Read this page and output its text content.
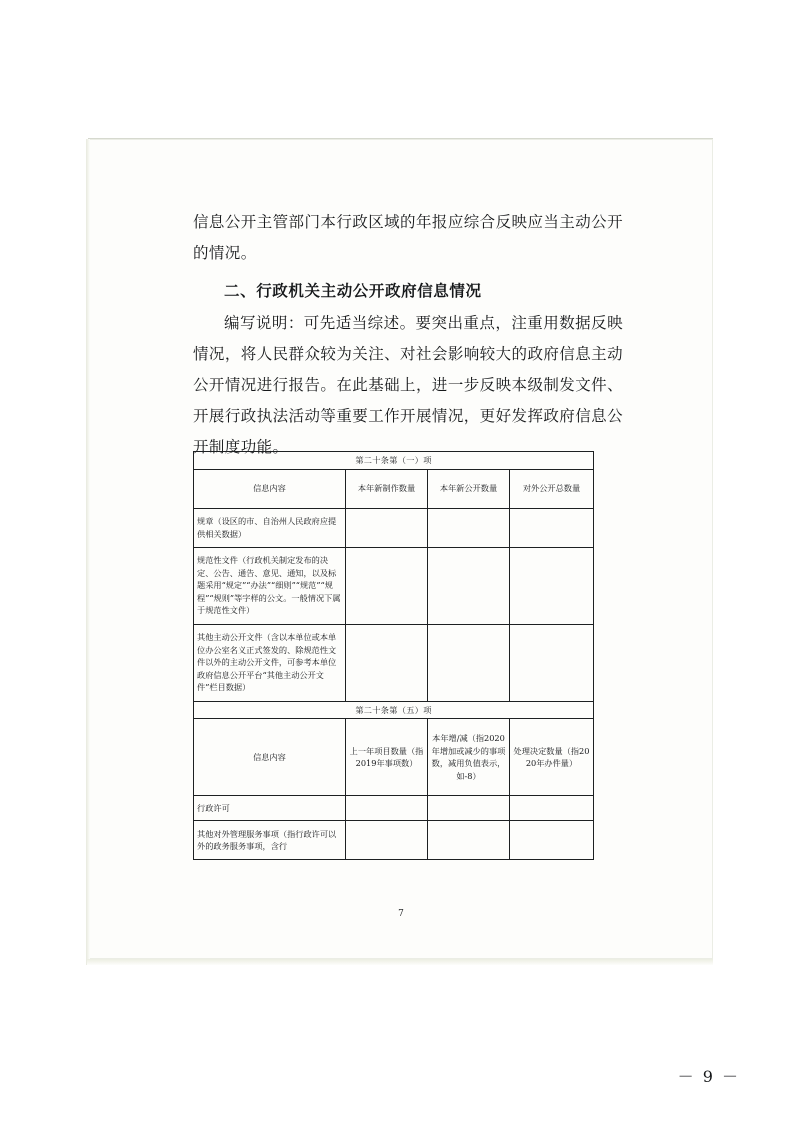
信息公开主管部门本行政区域的年报应综合反映应当主动公开的情况。

二、行政机关主动公开政府信息情况

编写说明：可先适当综述。要突出重点，注重用数据反映情况，将人民群众较为关注、对社会影响较大的政府信息主动公开情况进行报告。在此基础上，进一步反映本级制发文件、开展行政执法活动等重要工作开展情况，更好发挥政府信息公开制度功能。

第二十条第（一）项			
信息内容	本年新制作数量	本年新公开数量	对外公开总数量
规章（设区的市、自治州人民政府应提供相关数据）			
规范性文件（行政机关制定发布的决定、公告、通告、意见、通知，以及标题采用“规定”“办法”“细则”“规范”“规程”“规则”等字样的公文。一般情况下属于规范性文件）			
其他主动公开文件（含以本单位或本单位办公室名义正式签发的、除规范性文件以外的主动公开文件，可参考本单位政府信息公开平台“其他主动公开文件”栏目数据）			
第二十条第（五）项			
信息内容	上一年项目数量（指2019年事项数）	本年增/减（指2020年增加或减少的事项数，减用负值表示，如-8）	处理决定数量（指2020年办件量）
行政许可			
其他对外管理服务事项（指行政许可以外的政务服务事项，含行			
7
－ 9 －
